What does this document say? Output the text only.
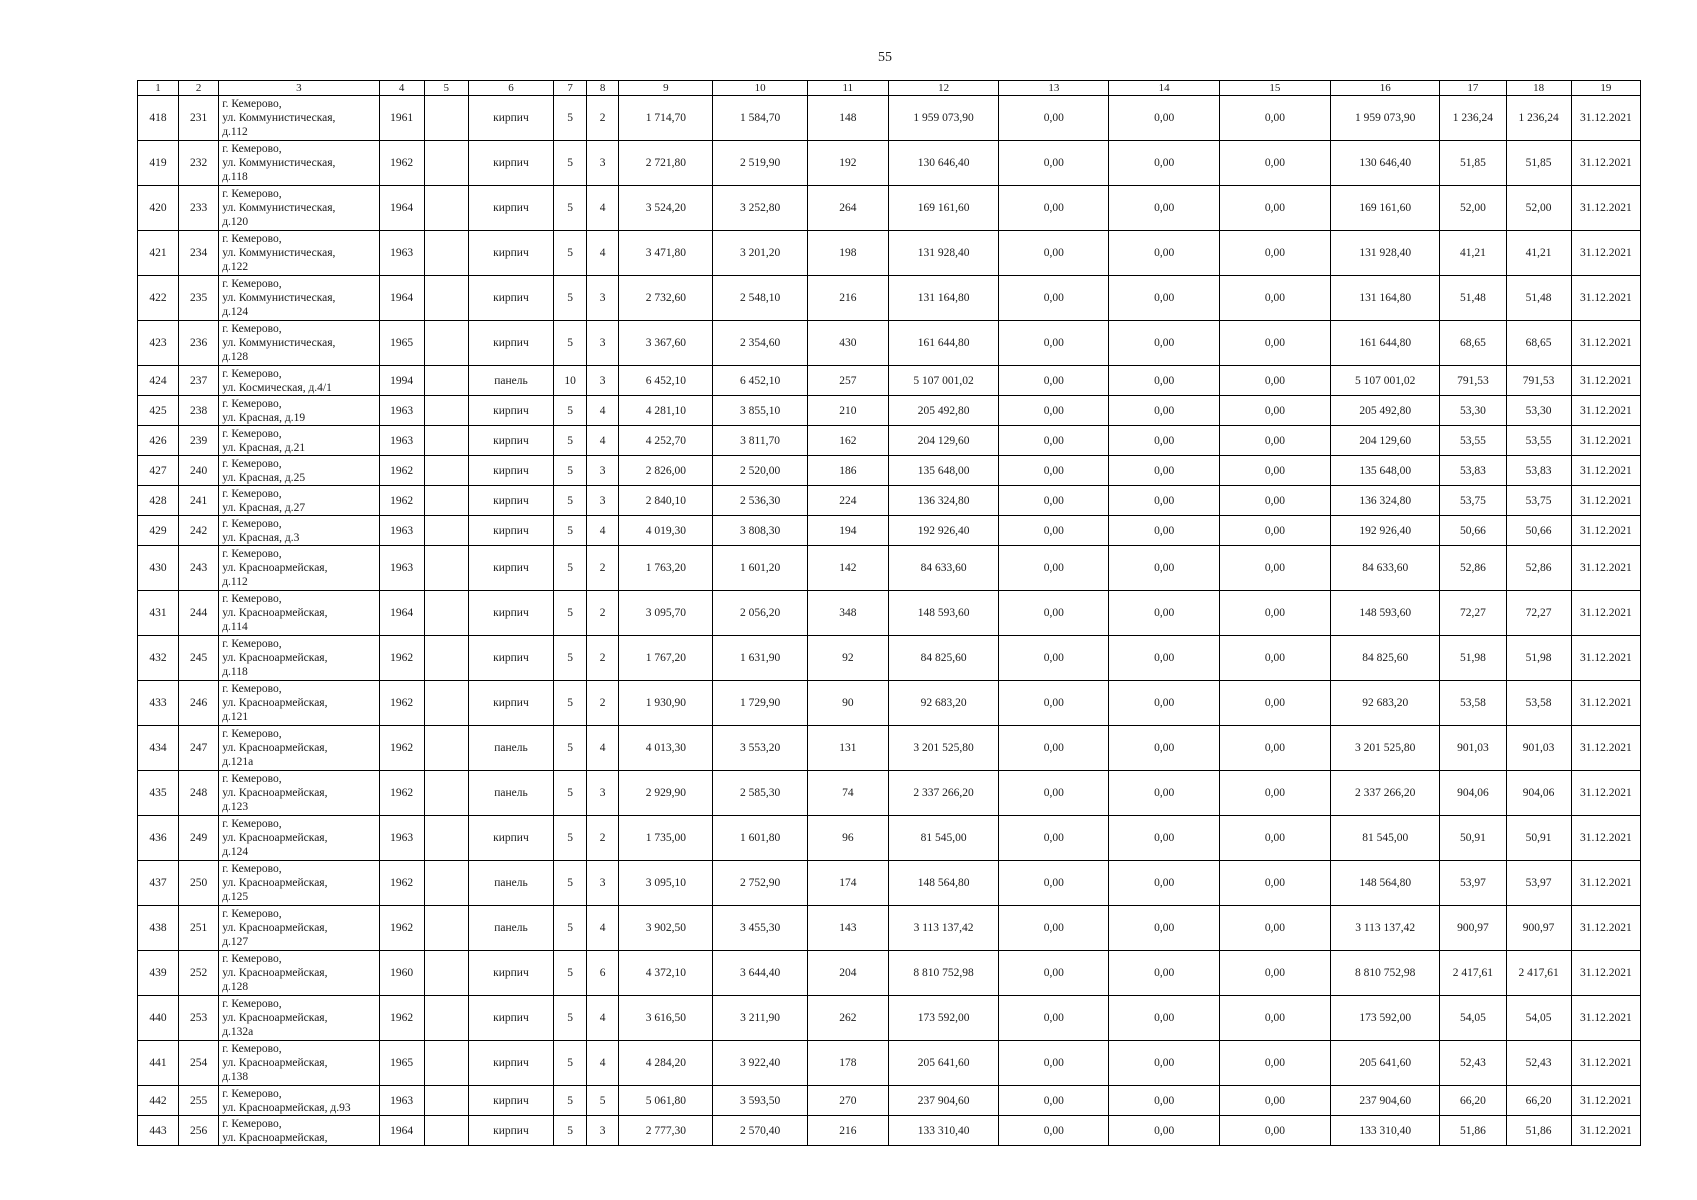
55
1	2	3	4	5	6	7	8	9	10	11	12	13	14	15	16	17	18	19
418	231	г. Кемерово,
ул. Коммунистическая,
д.112	1961		кирпич	5	2	1 714,70	1 584,70	148	1 959 073,90	0,00	0,00	0,00	1 959 073,90	1 236,24	1 236,24	31.12.2021
419	232	г. Кемерово,
ул. Коммунистическая,
д.118	1962		кирпич	5	3	2 721,80	2 519,90	192	130 646,40	0,00	0,00	0,00	130 646,40	51,85	51,85	31.12.2021
420	233	г. Кемерово,
ул. Коммунистическая,
д.120	1964		кирпич	5	4	3 524,20	3 252,80	264	169 161,60	0,00	0,00	0,00	169 161,60	52,00	52,00	31.12.2021
421	234	г. Кемерово,
ул. Коммунистическая,
д.122	1963		кирпич	5	4	3 471,80	3 201,20	198	131 928,40	0,00	0,00	0,00	131 928,40	41,21	41,21	31.12.2021
422	235	г. Кемерово,
ул. Коммунистическая,
д.124	1964		кирпич	5	3	2 732,60	2 548,10	216	131 164,80	0,00	0,00	0,00	131 164,80	51,48	51,48	31.12.2021
423	236	г. Кемерово,
ул. Коммунистическая,
д.128	1965		кирпич	5	3	3 367,60	2 354,60	430	161 644,80	0,00	0,00	0,00	161 644,80	68,65	68,65	31.12.2021
424	237	г. Кемерово,
ул. Космическая, д.4/1	1994		панель	10	3	6 452,10	6 452,10	257	5 107 001,02	0,00	0,00	0,00	5 107 001,02	791,53	791,53	31.12.2021
425	238	г. Кемерово,
ул. Красная, д.19	1963		кирпич	5	4	4 281,10	3 855,10	210	205 492,80	0,00	0,00	0,00	205 492,80	53,30	53,30	31.12.2021
426	239	г. Кемерово,
ул. Красная, д.21	1963		кирпич	5	4	4 252,70	3 811,70	162	204 129,60	0,00	0,00	0,00	204 129,60	53,55	53,55	31.12.2021
427	240	г. Кемерово,
ул. Красная, д.25	1962		кирпич	5	3	2 826,00	2 520,00	186	135 648,00	0,00	0,00	0,00	135 648,00	53,83	53,83	31.12.2021
428	241	г. Кемерово,
ул. Красная, д.27	1962		кирпич	5	3	2 840,10	2 536,30	224	136 324,80	0,00	0,00	0,00	136 324,80	53,75	53,75	31.12.2021
429	242	г. Кемерово,
ул. Красная, д.3	1963		кирпич	5	4	4 019,30	3 808,30	194	192 926,40	0,00	0,00	0,00	192 926,40	50,66	50,66	31.12.2021
430	243	г. Кемерово,
ул. Красноармейская,
д.112	1963		кирпич	5	2	1 763,20	1 601,20	142	84 633,60	0,00	0,00	0,00	84 633,60	52,86	52,86	31.12.2021
431	244	г. Кемерово,
ул. Красноармейская,
д.114	1964		кирпич	5	2	3 095,70	2 056,20	348	148 593,60	0,00	0,00	0,00	148 593,60	72,27	72,27	31.12.2021
432	245	г. Кемерово,
ул. Красноармейская,
д.118	1962		кирпич	5	2	1 767,20	1 631,90	92	84 825,60	0,00	0,00	0,00	84 825,60	51,98	51,98	31.12.2021
433	246	г. Кемерово,
ул. Красноармейская,
д.121	1962		кирпич	5	2	1 930,90	1 729,90	90	92 683,20	0,00	0,00	0,00	92 683,20	53,58	53,58	31.12.2021
434	247	г. Кемерово,
ул. Красноармейская,
д.121а	1962		панель	5	4	4 013,30	3 553,20	131	3 201 525,80	0,00	0,00	0,00	3 201 525,80	901,03	901,03	31.12.2021
435	248	г. Кемерово,
ул. Красноармейская,
д.123	1962		панель	5	3	2 929,90	2 585,30	74	2 337 266,20	0,00	0,00	0,00	2 337 266,20	904,06	904,06	31.12.2021
436	249	г. Кемерово,
ул. Красноармейская,
д.124	1963		кирпич	5	2	1 735,00	1 601,80	96	81 545,00	0,00	0,00	0,00	81 545,00	50,91	50,91	31.12.2021
437	250	г. Кемерово,
ул. Красноармейская,
д.125	1962		панель	5	3	3 095,10	2 752,90	174	148 564,80	0,00	0,00	0,00	148 564,80	53,97	53,97	31.12.2021
438	251	г. Кемерово,
ул. Красноармейская,
д.127	1962		панель	5	4	3 902,50	3 455,30	143	3 113 137,42	0,00	0,00	0,00	3 113 137,42	900,97	900,97	31.12.2021
439	252	г. Кемерово,
ул. Красноармейская,
д.128	1960		кирпич	5	6	4 372,10	3 644,40	204	8 810 752,98	0,00	0,00	0,00	8 810 752,98	2 417,61	2 417,61	31.12.2021
440	253	г. Кемерово,
ул. Красноармейская,
д.132а	1962		кирпич	5	4	3 616,50	3 211,90	262	173 592,00	0,00	0,00	0,00	173 592,00	54,05	54,05	31.12.2021
441	254	г. Кемерово,
ул. Красноармейская,
д.138	1965		кирпич	5	4	4 284,20	3 922,40	178	205 641,60	0,00	0,00	0,00	205 641,60	52,43	52,43	31.12.2021
442	255	г. Кемерово,
ул. Красноармейская, д.93	1963		кирпич	5	5	5 061,80	3 593,50	270	237 904,60	0,00	0,00	0,00	237 904,60	66,20	66,20	31.12.2021
443	256	г. Кемерово,
ул. Красноармейская,	1964		кирпич	5	3	2 777,30	2 570,40	216	133 310,40	0,00	0,00	0,00	133 310,40	51,86	51,86	31.12.2021
